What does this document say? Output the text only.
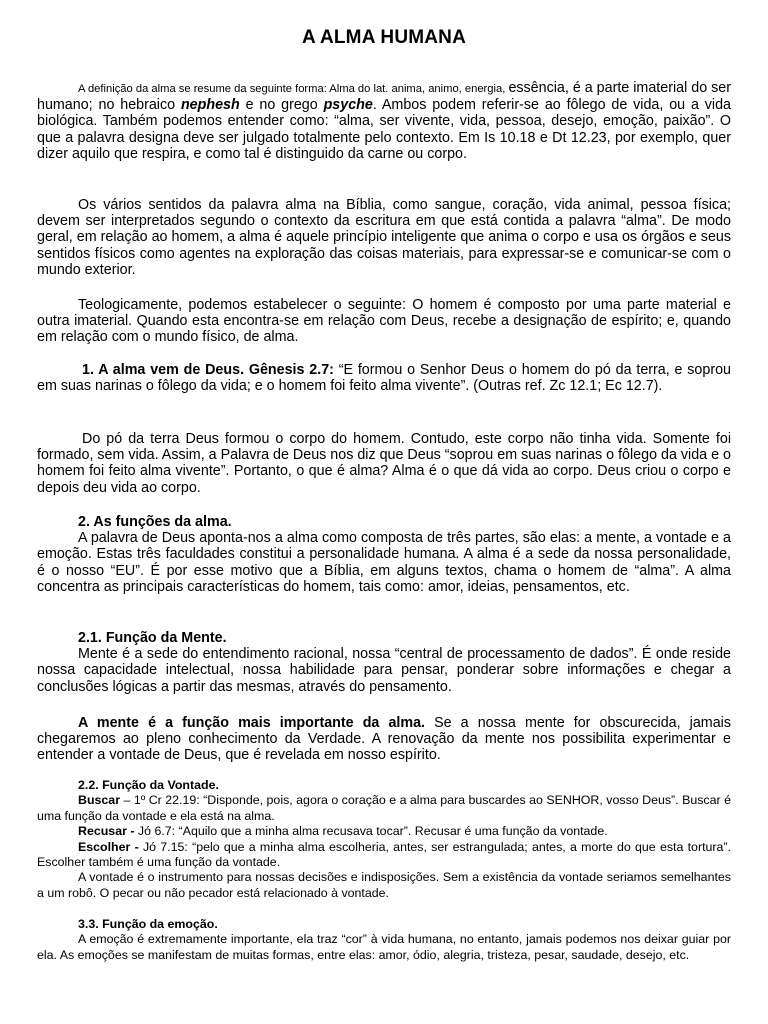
A ALMA HUMANA

A definição da alma se resume da seguinte forma: Alma do lat. anima, animo, energia, essência, é a parte imaterial do ser humano; no hebraico nephesh e no grego psyche. Ambos podem referir-se ao fôlego de vida, ou a vida biológica. Também podemos entender como: “alma, ser vivente, vida, pessoa, desejo, emoção, paixão”. O que a palavra designa deve ser julgado totalmente pelo contexto. Em Is 10.18 e Dt 12.23, por exemplo, quer dizer aquilo que respira, e como tal é distinguido da carne ou corpo.

Os vários sentidos da palavra alma na Bíblia, como sangue, coração, vida animal, pessoa física; devem ser interpretados segundo o contexto da escritura em que está contida a palavra “alma”. De modo geral, em relação ao homem, a alma é aquele princípio inteligente que anima o corpo e usa os órgãos e seus sentidos físicos como agentes na exploração das coisas materiais, para expressar-se e comunicar-se com o mundo exterior.

Teologicamente, podemos estabelecer o seguinte: O homem é composto por uma parte material e outra imaterial. Quando esta encontra-se em relação com Deus, recebe a designação de espírito; e, quando em relação com o mundo físico, de alma.

1. A alma vem de Deus. Gênesis 2.7: “E formou o Senhor Deus o homem do pó da terra, e soprou em suas narinas o fôlego da vida; e o homem foi feito alma vivente”. (Outras ref. Zc 12.1; Ec 12.7).

Do pó da terra Deus formou o corpo do homem. Contudo, este corpo não tinha vida. Somente foi formado, sem vida. Assim, a Palavra de Deus nos diz que Deus “soprou em suas narinas o fôlego da vida e o homem foi feito alma vivente”. Portanto, o que é alma? Alma é o que dá vida ao corpo. Deus criou o corpo e depois deu vida ao corpo.

2. As funções da alma.

A palavra de Deus aponta-nos a alma como composta de três partes, são elas: a mente, a vontade e a emoção. Estas três faculdades constitui a personalidade humana. A alma é a sede da nossa personalidade, é o nosso “EU”. É por esse motivo que a Bíblia, em alguns textos, chama o homem de “alma”. A alma concentra as principais características do homem, tais como: amor, ideias, pensamentos, etc.

2.1. Função da Mente.

Mente é a sede do entendimento racional, nossa “central de processamento de dados”. É onde reside nossa capacidade intelectual, nossa habilidade para pensar, ponderar sobre informações e chegar a conclusões lógicas a partir das mesmas, através do pensamento.

A mente é a função mais importante da alma. Se a nossa mente for obscurecida, jamais chegaremos ao pleno conhecimento da Verdade. A renovação da mente nos possibilita experimentar e entender a vontade de Deus, que é revelada em nosso espírito.

2.2. Função da Vontade.

Buscar – 1º Cr 22.19: “Disponde, pois, agora o coração e a alma para buscardes ao SENHOR, vosso Deus”. Buscar é uma função da vontade e ela está na alma.

Recusar - Jó 6.7: “Aquilo que a minha alma recusava tocar”. Recusar é uma função da vontade.

Escolher - Jó 7.15: “pelo que a minha alma escolheria, antes, ser estrangulada; antes, a morte do que esta tortura”. Escolher também é uma função da vontade.

A vontade é o instrumento para nossas decisões e indisposições. Sem a existência da vontade seriamos semelhantes a um robô. O pecar ou não pecador está relacionado à vontade.

3.3. Função da emoção.

A emoção é extremamente importante, ela traz “cor” à vida humana, no entanto, jamais podemos nos deixar guiar por ela. As emoções se manifestam de muitas formas, entre elas: amor, ódio, alegria, tristeza, pesar, saudade, desejo, etc.
